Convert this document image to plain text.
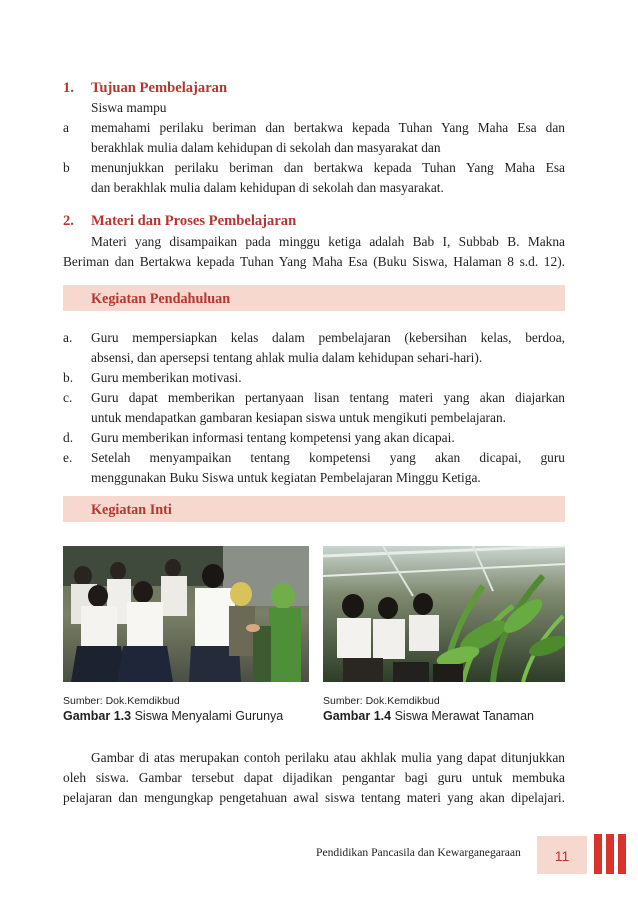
1. Tujuan Pembelajaran
Siswa mampu
a memahami perilaku beriman dan bertakwa kepada Tuhan Yang Maha Esa dan
berakhlak mulia dalam kehidupan di sekolah dan masyarakat dan
b menunjukkan perilaku beriman dan bertakwa kepada Tuhan Yang Maha Esa
dan berakhlak mulia dalam kehidupan di sekolah dan masyarakat.
2. Materi dan Proses Pembelajaran
Materi yang disampaikan pada minggu ketiga adalah Bab I, Subbab B. Makna
Beriman dan Bertakwa kepada Tuhan Yang Maha Esa (Buku Siswa, Halaman 8 s.d. 12).
Kegiatan Pendahuluan
a. Guru mempersiapkan kelas dalam pembelajaran (kebersihan kelas, berdoa,
absensi, dan apersepsi tentang ahlak mulia dalam kehidupan sehari-hari).
b. Guru memberikan motivasi.
c. Guru dapat memberikan pertanyaan lisan tentang materi yang akan diajarkan
untuk mendapatkan gambaran kesiapan siswa untuk mengikuti pembelajaran.
d. Guru memberikan informasi tentang kompetensi yang akan dicapai.
e. Setelah menyampaikan tentang kompetensi yang akan dicapai, guru
menggunakan Buku Siswa untuk kegiatan Pembelajaran Minggu Ketiga.
Kegiatan Inti
Sumber: Dok.Kemdikbud
Gambar 1.3 Siswa Menyalami Gurunya
Sumber: Dok.Kemdikbud
Gambar 1.4 Siswa Merawat Tanaman
Gambar di atas merupakan contoh perilaku atau akhlak mulia yang dapat ditunjukkan
oleh siswa. Gambar tersebut dapat dijadikan pengantar bagi guru untuk membuka
pelajaran dan mengungkap pengetahuan awal siswa tentang materi yang akan dipelajari.
Pendidikan Pancasila dan Kewarganegaraan	11
